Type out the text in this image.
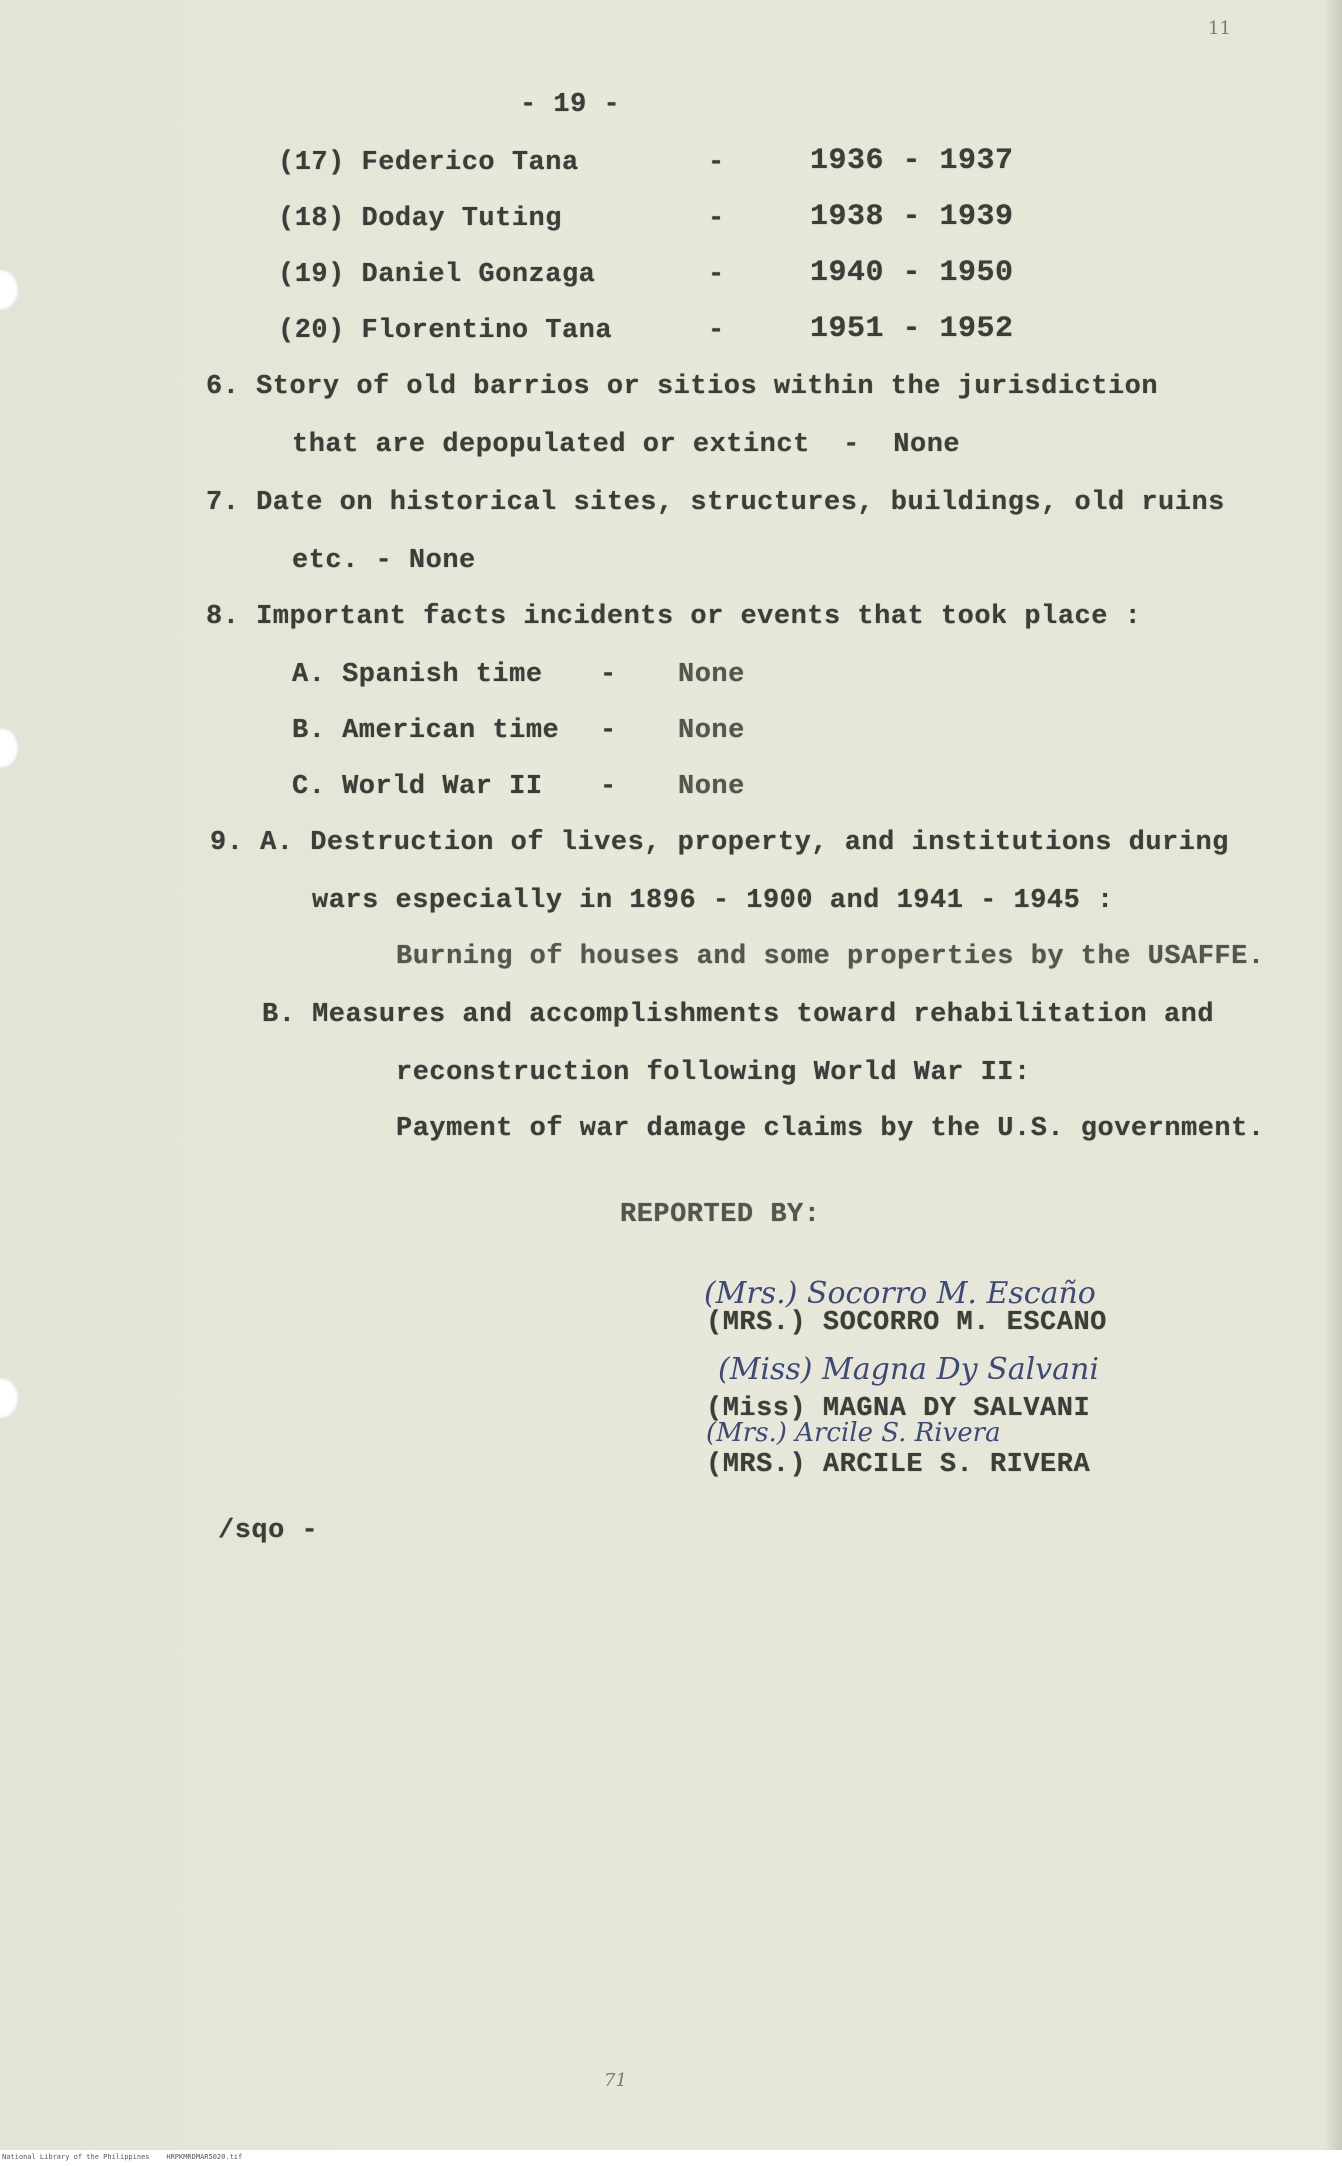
11
- 19 -
(17) Federico Tana	-	1936 - 1937
(18) Doday Tuting	-	1938 - 1939
(19) Daniel Gonzaga	-	1940 - 1950
(20) Florentino Tana	-	1951 - 1952
6. Story of old barrios or sitios within the jurisdiction
that are depopulated or extinct  -  None
7. Date on historical sites, structures, buildings, old ruins
etc. - None
8. Important facts incidents or events that took place :
A. Spanish time - None
B. American time - None
C. World War II - None
9. A. Destruction of lives, property, and institutions during
wars especially in 1896 - 1900 and 1941 - 1945 :
Burning of houses and some properties by the USAFFE.
B. Measures and accomplishments toward rehabilitation and
reconstruction following World War II:
Payment of war damage claims by the U.S. government.
REPORTED BY:
(Mrs.) Socorro M. Escaño
(MRS.) SOCORRO M. ESCANO
(Miss) Magna Dy Salvani
(Miss) MAGNA DY SALVANI
(Mrs.) Arcile S. Rivera
(MRS.) ARCILE S. RIVERA
/sqo -
71
National Library of the Philippines    HRPKMRDMAR5020.tif
